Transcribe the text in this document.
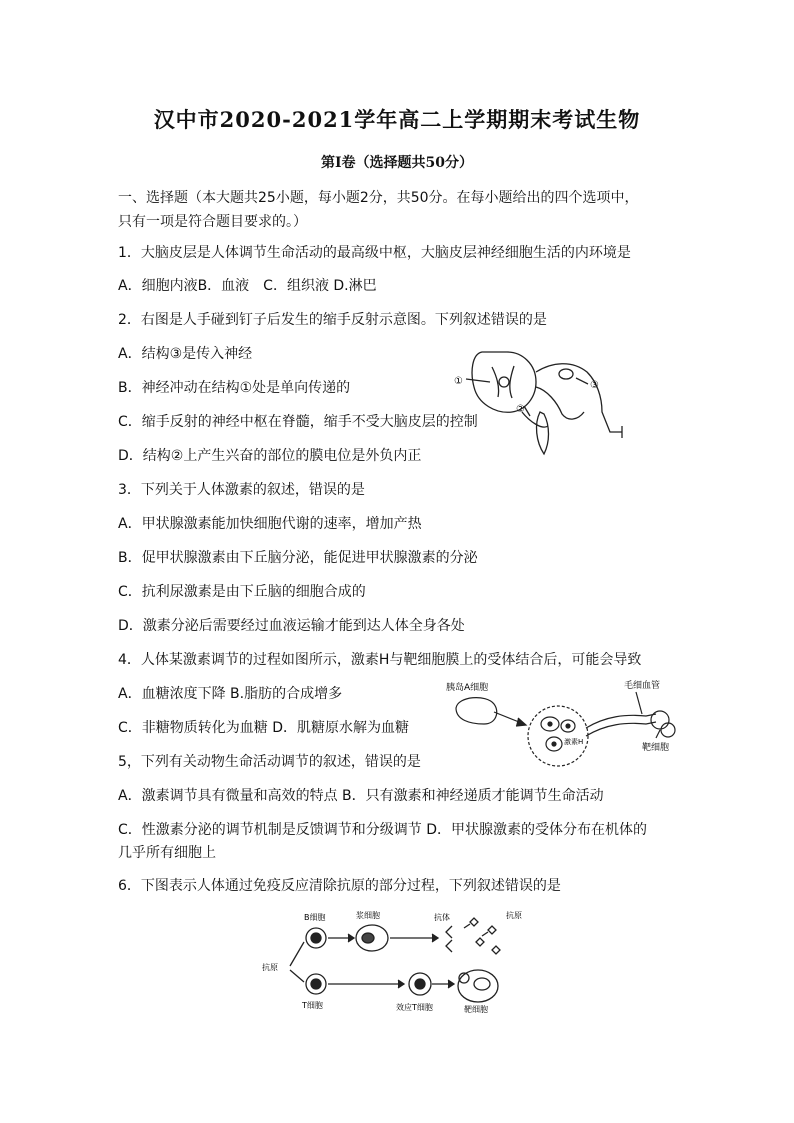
汉中市2020-2021学年高二上学期期末考试生物
第Ⅰ卷（选择题共50分）
一、选择题（本大题共25小题，每小题2分，共50分。在每小题给出的四个选项中，
只有一项是符合题目要求的。）
1．大脑皮层是人体调节生命活动的最高级中枢，大脑皮层神经细胞生活的内环境是
A．细胞内液B．血液　C．组织液 D.淋巴
2．右图是人手碰到钉子后发生的缩手反射示意图。下列叙述错误的是
A．结构③是传入神经
B．神经冲动在结构①处是单向传递的
C．缩手反射的神经中枢在脊髓，缩手不受大脑皮层的控制
D．结构②上产生兴奋的部位的膜电位是外负内正
①	③
②
3．下列关于人体激素的叙述，错误的是
A．甲状腺激素能加快细胞代谢的速率，增加产热
B．促甲状腺激素由下丘脑分泌，能促进甲状腺激素的分泌
C．抗利尿激素是由下丘脑的细胞合成的
D．激素分泌后需要经过血液运输才能到达人体全身各处
4．人体某激素调节的过程如图所示，激素H与靶细胞膜上的受体结合后，可能会导致
A．血糖浓度下降 B.脂肪的合成增多
C．非糖物质转化为血糖 D．肌糖原水解为血糖
胰岛A细胞	毛细血管
靶细胞
激素H
5，下列有关动物生命活动调节的叙述，错误的是
A．激素调节具有微量和高效的特点 B．只有激素和神经递质才能调节生命活动
C．性激素分泌的调节机制是反馈调节和分级调节 D．甲状腺激素的受体分布在机体的
几乎所有细胞上
6．下图表示人体通过免疫反应清除抗原的部分过程，下列叙述错误的是
B细胞	浆细胞	抗体	抗原
抗原
T细胞	效应T细胞	靶细胞
